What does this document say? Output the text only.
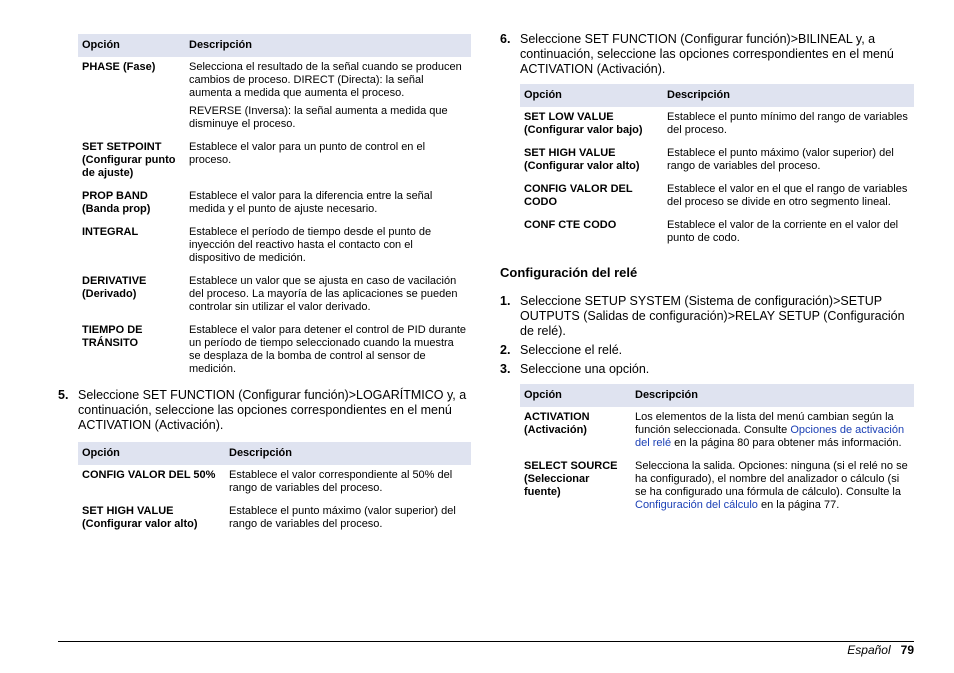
Opción	Descripción
PHASE (Fase)	Selecciona el resultado de la señal cuando se producen cambios de proceso. DIRECT (Directa): la señal aumenta a medida que aumenta el proceso.

REVERSE (Inversa): la señal aumenta a medida que disminuye el proceso.

SET SETPOINT (Configurar punto de ajuste)	Establece el valor para un punto de control en el proceso.

PROP BAND (Banda prop)	Establece el valor para la diferencia entre la señal medida y el punto de ajuste necesario.

INTEGRAL	Establece el período de tiempo desde el punto de inyección del reactivo hasta el contacto con el dispositivo de medición.

DERIVATIVE (Derivado)	Establece un valor que se ajusta en caso de vacilación del proceso. La mayoría de las aplicaciones se pueden controlar sin utilizar el valor derivado.

TIEMPO DE TRÁNSITO	Establece el valor para detener el control de PID durante un período de tiempo seleccionado cuando la muestra se desplaza de la bomba de control al sensor de medición.

5. Seleccione SET FUNCTION (Configurar función)>LOGARÍTMICO y, a continuación, seleccione las opciones correspondientes en el menú ACTIVATION (Activación).
Opción	Descripción
CONFIG VALOR DEL 50%	Establece el valor correspondiente al 50% del rango de variables del proceso.

SET HIGH VALUE (Configurar valor alto)	Establece el punto máximo (valor superior) del rango de variables del proceso.

6. Seleccione SET FUNCTION (Configurar función)>BILINEAL y, a continuación, seleccione las opciones correspondientes en el menú ACTIVATION (Activación).
Opción	Descripción
SET LOW VALUE (Configurar valor bajo)	Establece el punto mínimo del rango de variables del proceso.

SET HIGH VALUE (Configurar valor alto)	Establece el punto máximo (valor superior) del rango de variables del proceso.

CONFIG VALOR DEL CODO	Establece el valor en el que el rango de variables del proceso se divide en otro segmento lineal.

CONF CTE CODO	Establece el valor de la corriente en el valor del punto de codo.

Configuración del relé
1. Seleccione SETUP SYSTEM (Sistema de configuración)>SETUP OUTPUTS (Salidas de configuración)>RELAY SETUP (Configuración de relé).
2. Seleccione el relé.
3. Seleccione una opción.
Opción	Descripción
ACTIVATION (Activación)	Los elementos de la lista del menú cambian según la función seleccionada. Consulte Opciones de activación del relé en la página 80 para obtener más información.
SELECT SOURCE (Seleccionar fuente)	Selecciona la salida. Opciones: ninguna (si el relé no se ha configurado), el nombre del analizador o cálculo (si se ha configurado una fórmula de cálculo). Consulte la Configuración del cálculo en la página 77.
Español 79
